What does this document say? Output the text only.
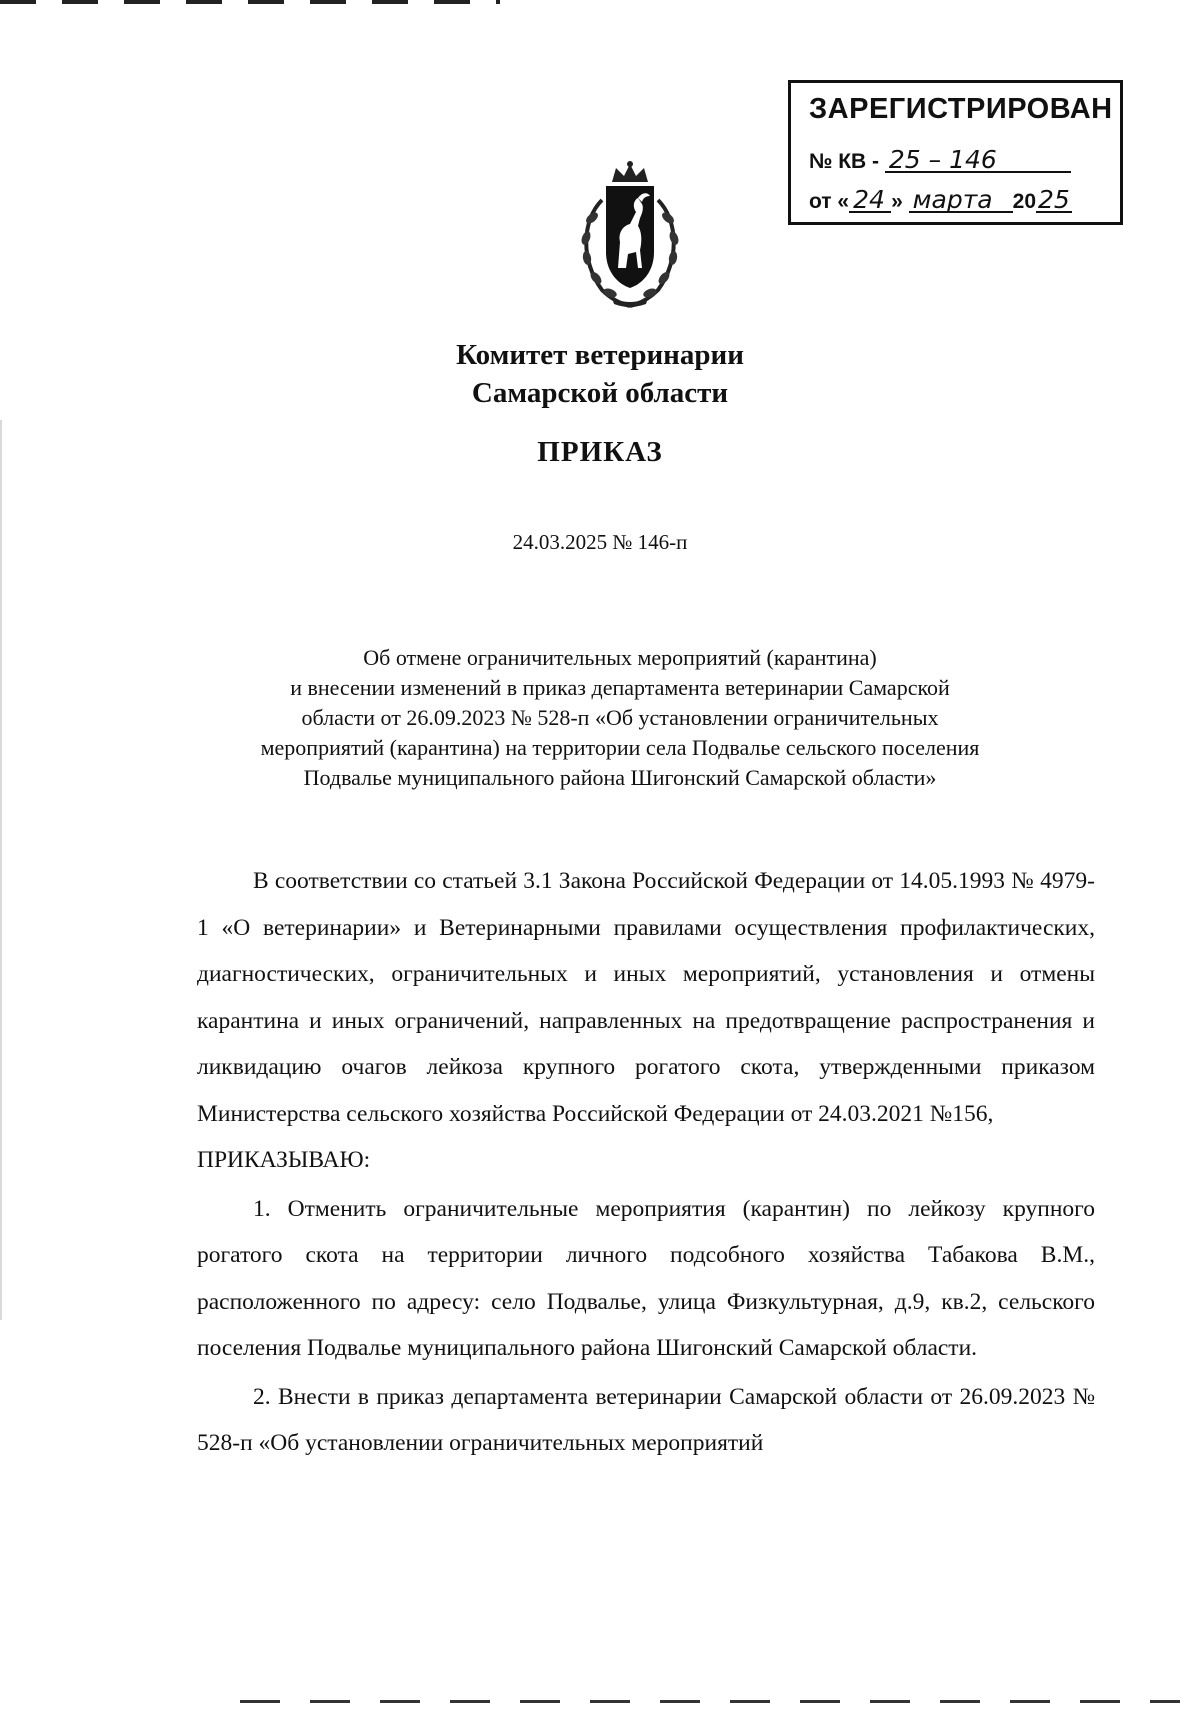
ЗАРЕГИСТРИРОВАН
№ КВ - 25 – 146
от « 24 » марта 2025
Комитет ветеринарии
Самарской области
ПРИКАЗ
24.03.2025 № 146-п
Об отмене ограничительных мероприятий (карантина)
и внесении изменений в приказ департамента ветеринарии Самарской
области от 26.09.2023 № 528-п «Об установлении ограничительных
мероприятий (карантина) на территории села Подвалье сельского поселения
Подвалье муниципального района Шигонский Самарской области»

В соответствии со статьей 3.1 Закона Российской Федерации от 14.05.1993 № 4979-1 «О ветеринарии» и Ветеринарными правилами осуществления профилактических, диагностических, ограничительных и иных мероприятий, установления и отмены карантина и иных ограничений, направленных на предотвращение распространения и ликвидацию очагов лейкоза крупного рогатого скота, утвержденными приказом Министерства сельского хозяйства Российской Федерации от 24.03.2021 №156,

ПРИКАЗЫВАЮ:

1. Отменить ограничительные мероприятия (карантин) по лейкозу крупного рогатого скота на территории личного подсобного хозяйства Табакова В.М., расположенного по адресу: село Подвалье, улица Физкультурная, д.9, кв.2, сельского поселения Подвалье муниципального района Шигонский Самарской области.

2. Внести в приказ департамента ветеринарии Самарской области от 26.09.2023 № 528-п «Об установлении ограничительных мероприятий
